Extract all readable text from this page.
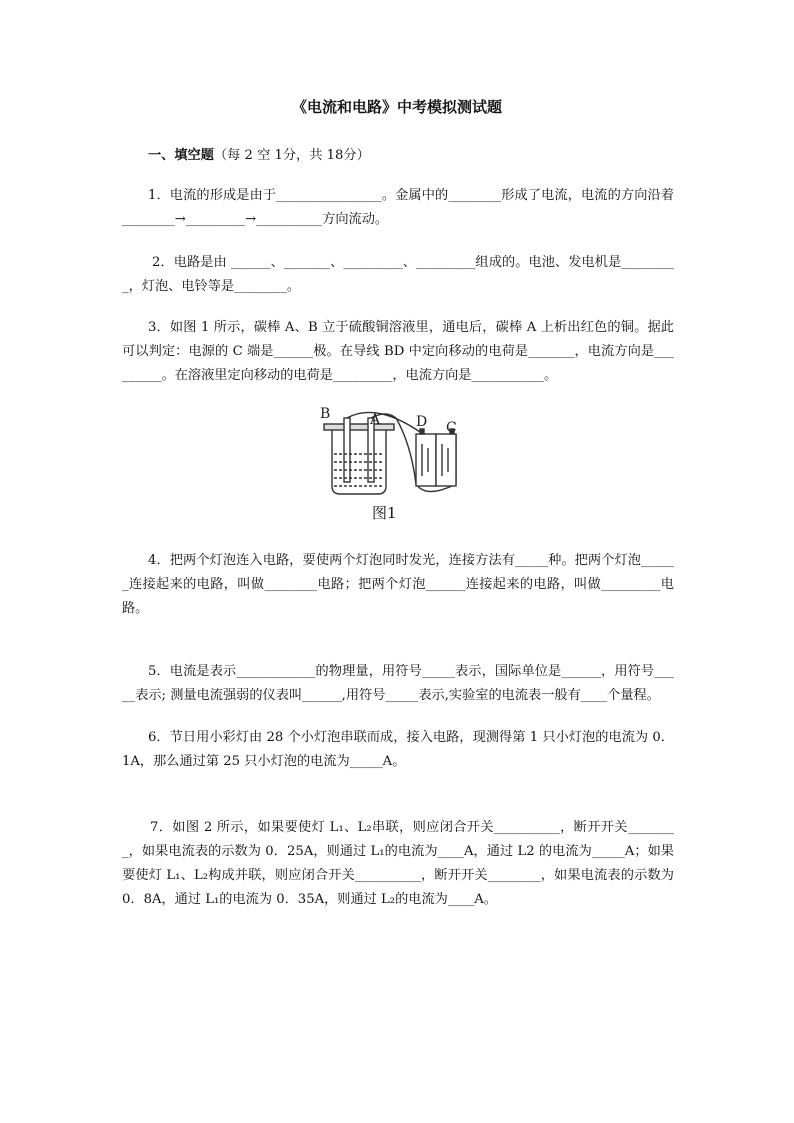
《电流和电路》中考模拟测试题
一、填空题（每 2 空 1分，共 18分）
1．电流的形成是由于________________。金属中的________形成了电流，电流的方向沿着________→_________→__________方向流动。
2．电路是由 ______、_______、_________、_________组成的。电池、发电机是_________，灯泡、电铃等是________。
3．如图 1 所示，碳棒 A、B 立于硫酸铜溶液里，通电后，碳棒 A 上析出红色的铜。据此可以判定：电源的 C 端是______极。在导线 BD 中定向移动的电荷是_______，电流方向是_________。在溶液里定向移动的电荷是_________，电流方向是___________。
B	A	D C
图1
4．把两个灯泡连入电路，要使两个灯泡同时发光，连接方法有_____种。把两个灯泡______连接起来的电路，叫做________电路；把两个灯泡______连接起来的电路，叫做_________电路。
5．电流是表示____________的物理量，用符号_____表示，国际单位是______，用符号_____表示; 测量电流强弱的仪表叫______,用符号_____表示,实验室的电流表一般有____个量程。
6．节日用小彩灯由 28 个小灯泡串联而成，接入电路，现测得第 1 只小灯泡的电流为 0．1A，那么通过第 25 只小灯泡的电流为_____A。
7．如图 2 所示，如果要使灯 L₁、L₂串联，则应闭合开关__________，断开开关________，如果电流表的示数为 0．25A，则通过 L₁的电流为____A，通过 L2 的电流为_____A；如果要使灯 L₁、L₂构成并联，则应闭合开关__________，断开开关________，如果电流表的示数为 0．8A，通过 L₁的电流为 0．35A，则通过 L₂的电流为____A。
